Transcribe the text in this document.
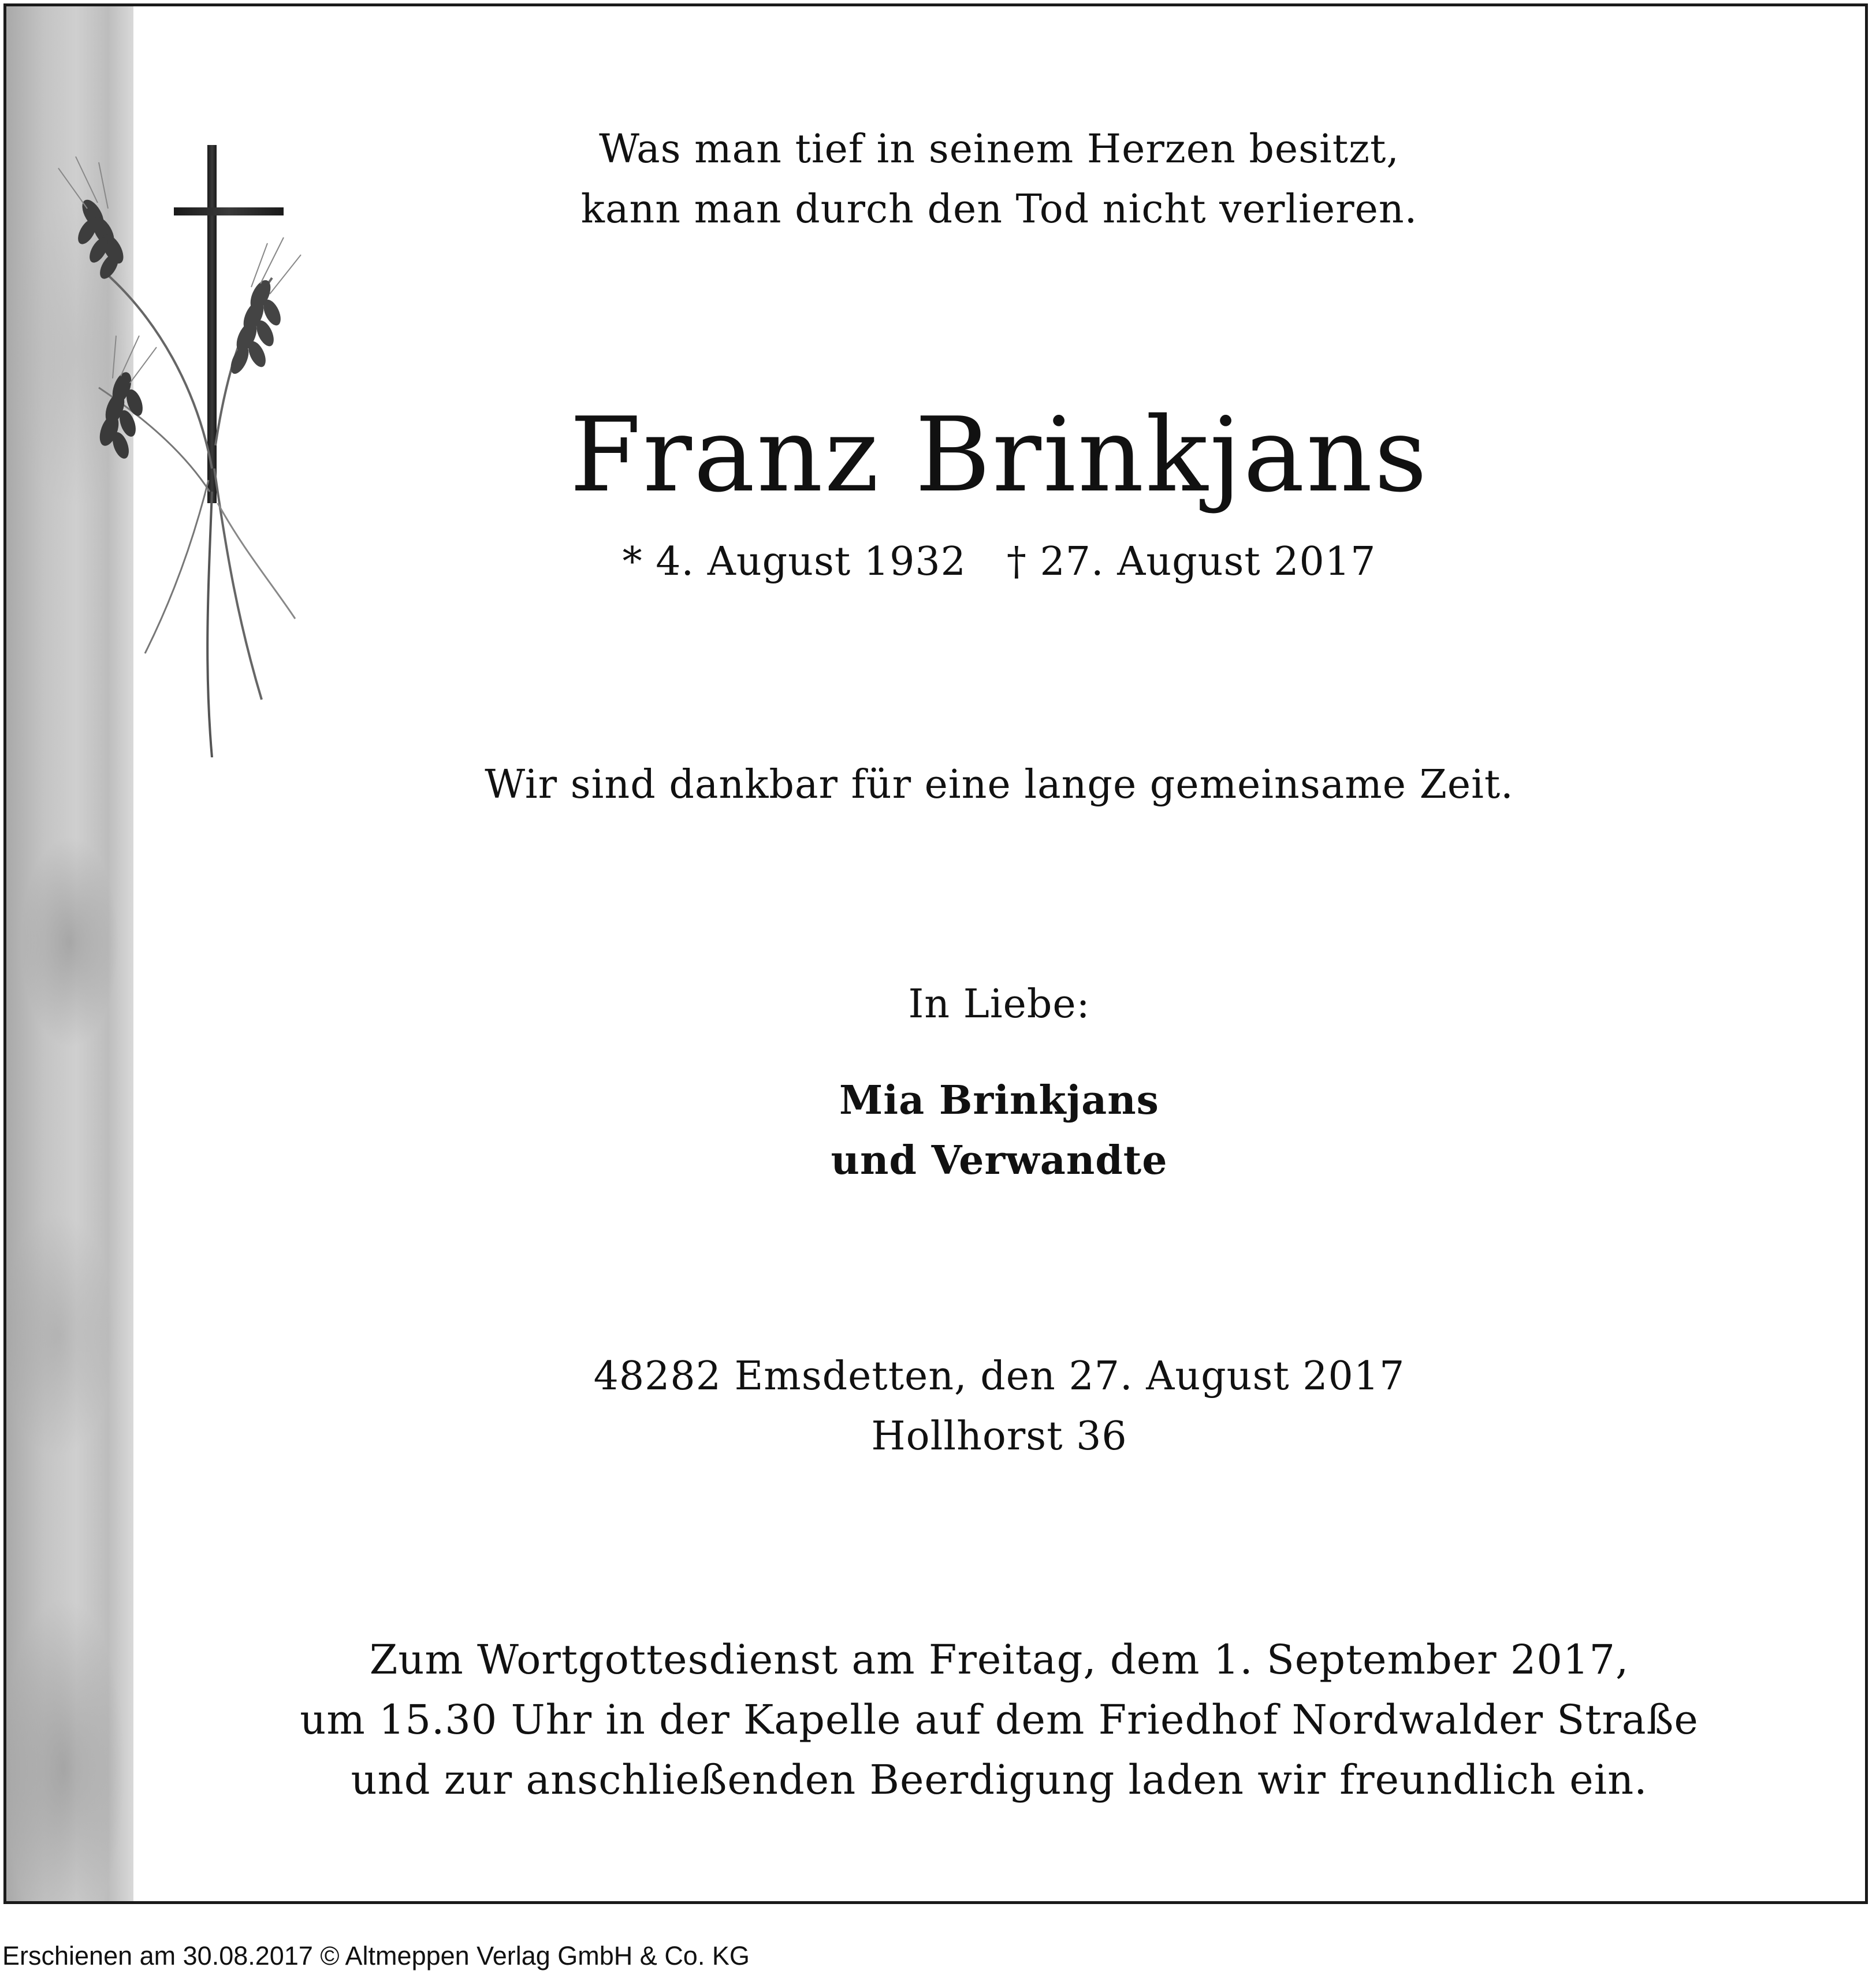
Was man tief in seinem Herzen besitzt,

kann man durch den Tod nicht verlieren.

Franz Brinkjans
* 4. August 1932 † 27. August 2017
Wir sind dankbar für eine lange gemeinsame Zeit.
In Liebe:

Mia Brinkjans

und Verwandte

48282 Emsdetten, den 27. August 2017

Hollhorst 36

Zum Wortgottesdienst am Freitag, dem 1. September 2017,

um 15.30 Uhr in der Kapelle auf dem Friedhof Nordwalder Straße

und zur anschließenden Beerdigung laden wir freundlich ein.

Erschienen am 30.08.2017 © Altmeppen Verlag GmbH & Co. KG
